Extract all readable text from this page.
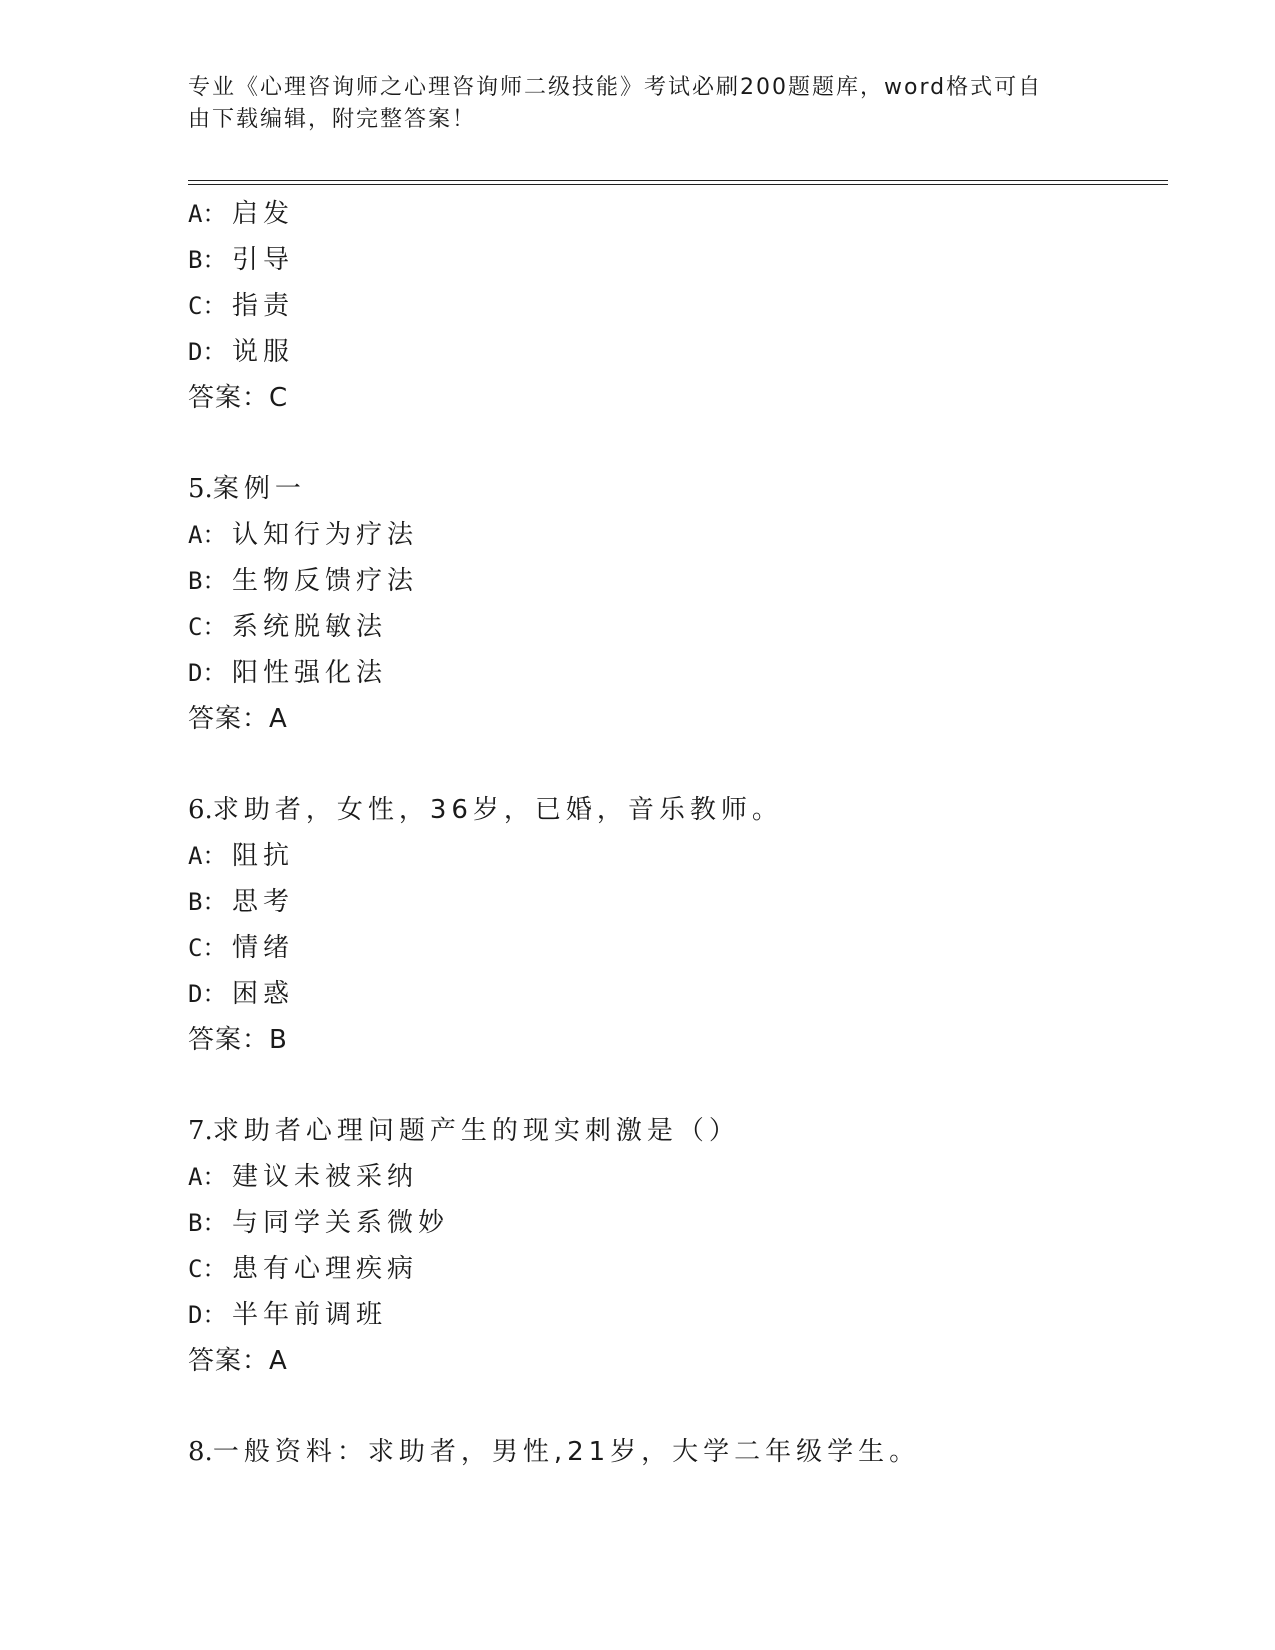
专业《心理咨询师之心理咨询师二级技能》考试必刷200题题库，word格式可自
由下载编辑，附完整答案！
A： 启发
B： 引导
C： 指责
D： 说服
答案：C
5.案例一
A： 认知行为疗法
B： 生物反馈疗法
C： 系统脱敏法
D： 阳性强化法
答案：A
6.求助者，女性，36岁，已婚，音乐教师。
A： 阻抗
B： 思考
C： 情绪
D： 困惑
答案：B
7.求助者心理问题产生的现实刺激是（）
A： 建议未被采纳
B： 与同学关系微妙
C： 患有心理疾病
D： 半年前调班
答案：A
8.一般资料：求助者，男性,21岁，大学二年级学生。
